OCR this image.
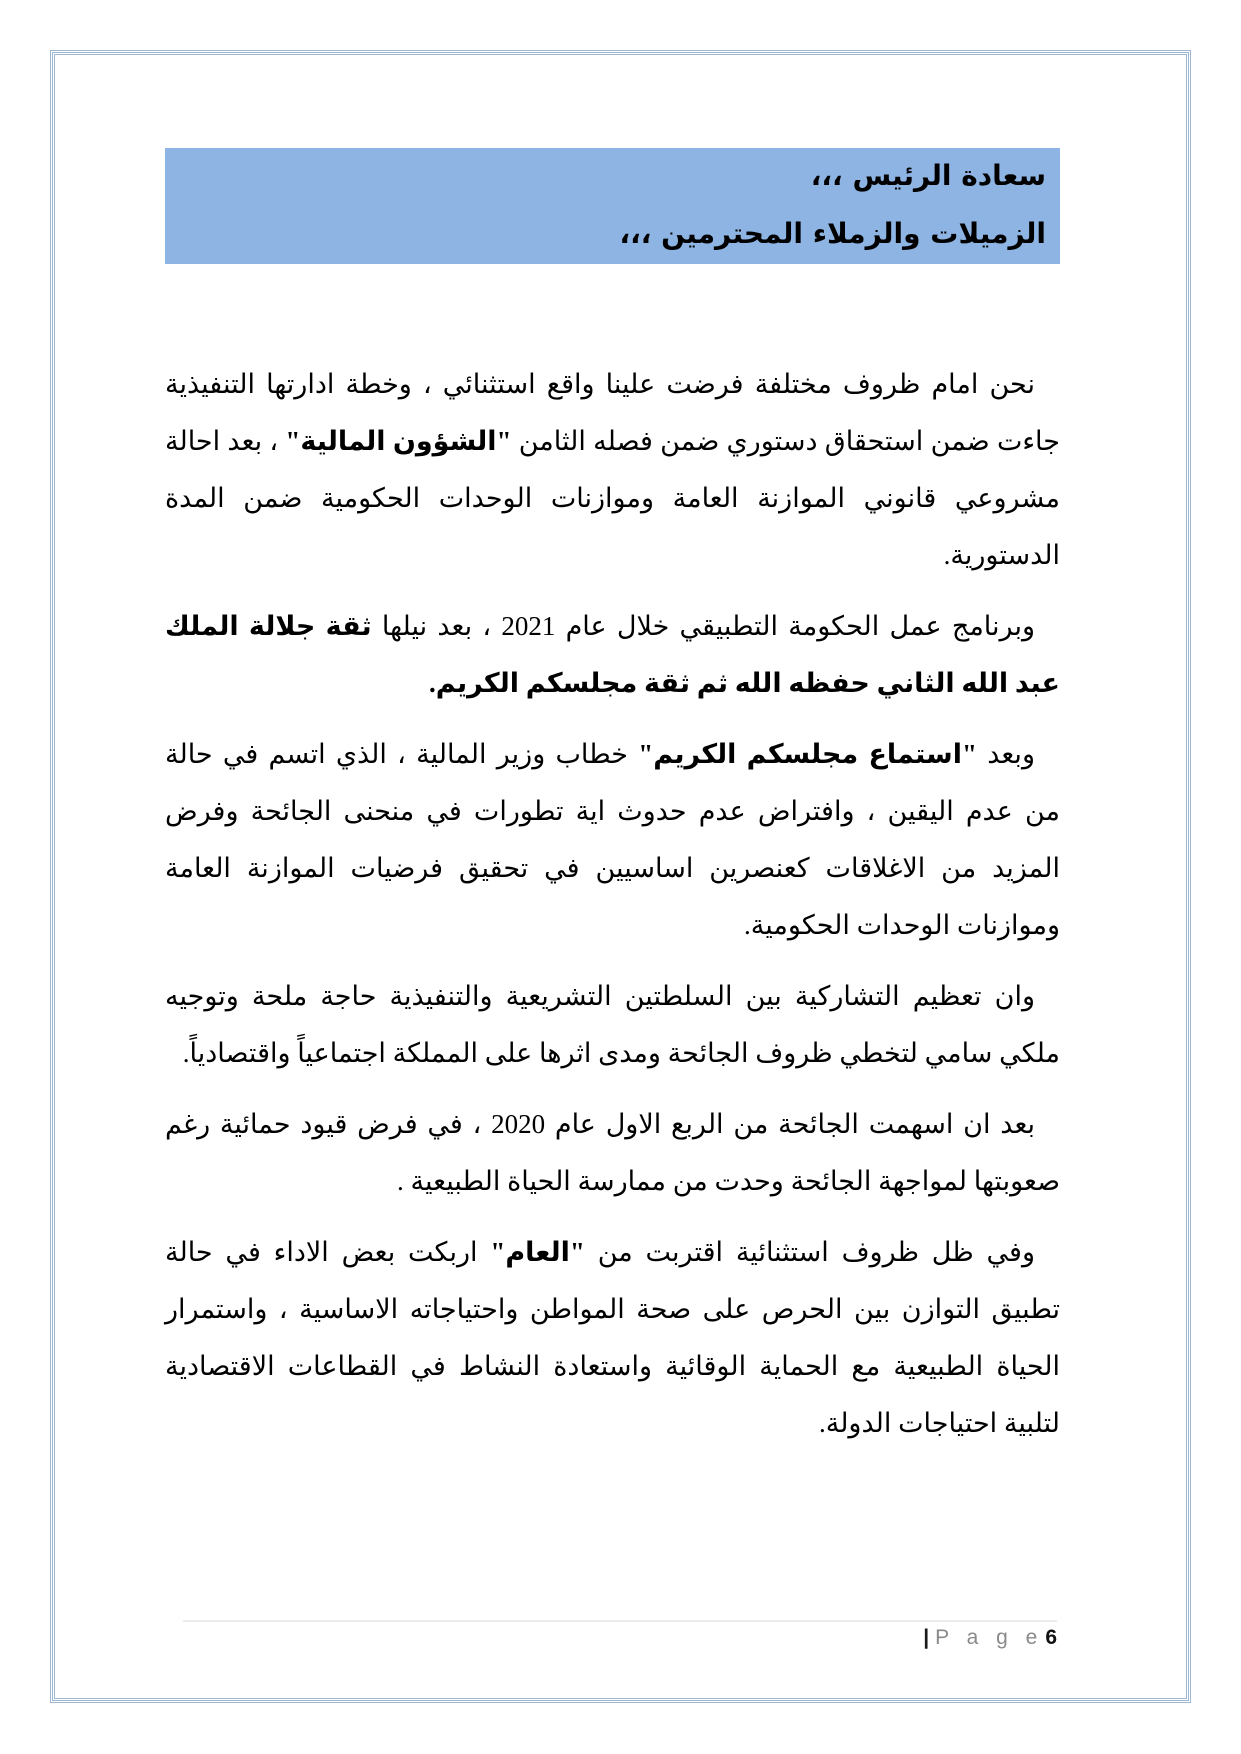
سعادة الرئيس ،،،
الزميلات والزملاء المحترمين ،،،

نحن امام ظروف مختلفة فرضت علينا واقع استثنائي ، وخطة ادارتها التنفيذية جاءت ضمن استحقاق دستوري ضمن فصله الثامن "الشؤون المالية" ، بعد احالة مشروعي قانوني الموازنة العامة وموازنات الوحدات الحكومية ضمن المدة الدستورية.

وبرنامج عمل الحكومة التطبيقي خلال عام 2021 ، بعد نيلها ثقة جلالة الملك عبد الله الثاني حفظه الله ثم ثقة مجلسكم الكريم.

وبعد "استماع مجلسكم الكريم" خطاب وزير المالية ، الذي اتسم في حالة من عدم اليقين ، وافتراض عدم حدوث اية تطورات في منحنى الجائحة وفرض المزيد من الاغلاقات كعنصرين اساسيين في تحقيق فرضيات الموازنة العامة وموازنات الوحدات الحكومية.

وان تعظيم التشاركية بين السلطتين التشريعية والتنفيذية حاجة ملحة وتوجيه ملكي سامي لتخطي ظروف الجائحة ومدى اثرها على المملكة اجتماعياً واقتصادياً.

بعد ان اسهمت الجائحة من الربع الاول عام 2020 ، في فرض قيود حمائية رغم صعوبتها لمواجهة الجائحة وحدت من ممارسة الحياة الطبيعية .

وفي ظل ظروف استثنائية اقتربت من "العام" اربكت بعض الاداء في حالة تطبيق التوازن بين الحرص على صحة المواطن واحتياجاته الاساسية ، واستمرار الحياة الطبيعية مع الحماية الوقائية واستعادة النشاط في القطاعات الاقتصادية لتلبية احتياجات الدولة.

| P a g e6
